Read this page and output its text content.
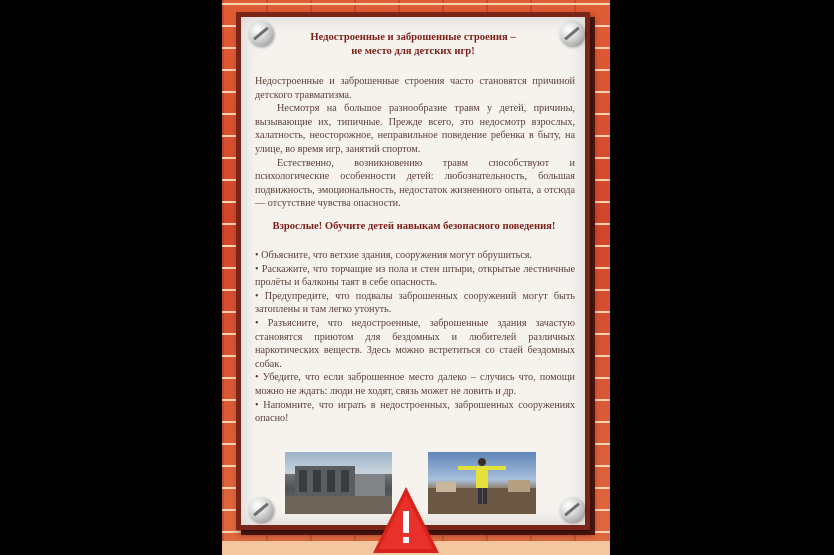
Недостроенные и заброшенные строения –
не место для детских игр!

Недостроенные и заброшенные строения часто становятся причиной детского травматизма.

Несмотря на большое разнообразие травм у детей, причины, вызывающие их, типичные. Прежде всего, это недосмотр взрослых, халатность, неосторожное, неправильное поведение ребенка в быту, на улице, во время игр, занятий спортом.

Естественно, возникновению травм способствуют и психологические особенности детей: любознательность, большая подвижность, эмоциональность, недостаток жизненного опыта, а отсюда — отсутствие чувства опасности.

Взрослые! Обучите детей навыкам безопасного поведения!

• Объясните, что ветхие здания, сооружения могут обрушиться.

• Раскажите, что торчащие из пола и стен штыри, открытые лестничные пролёты и балконы таят в себе опасность.

• Предупредите, что подвалы заброшенных сооружений могут быть затоплены и там легко утонуть.

• Разъясните, что недостроенные, заброшенные здания зачастую становятся приютом для бездомных и любителей различных наркотических веществ. Здесь можно встретиться со стаей бездомных собак.

• Убедите, что если заброшенное место далеко – случись что, помощи можно не ждать: люди не ходят, связь может не ловить и др.

• Напомните, что играть в недостроенных, заброшенных сооружениях опасно!
